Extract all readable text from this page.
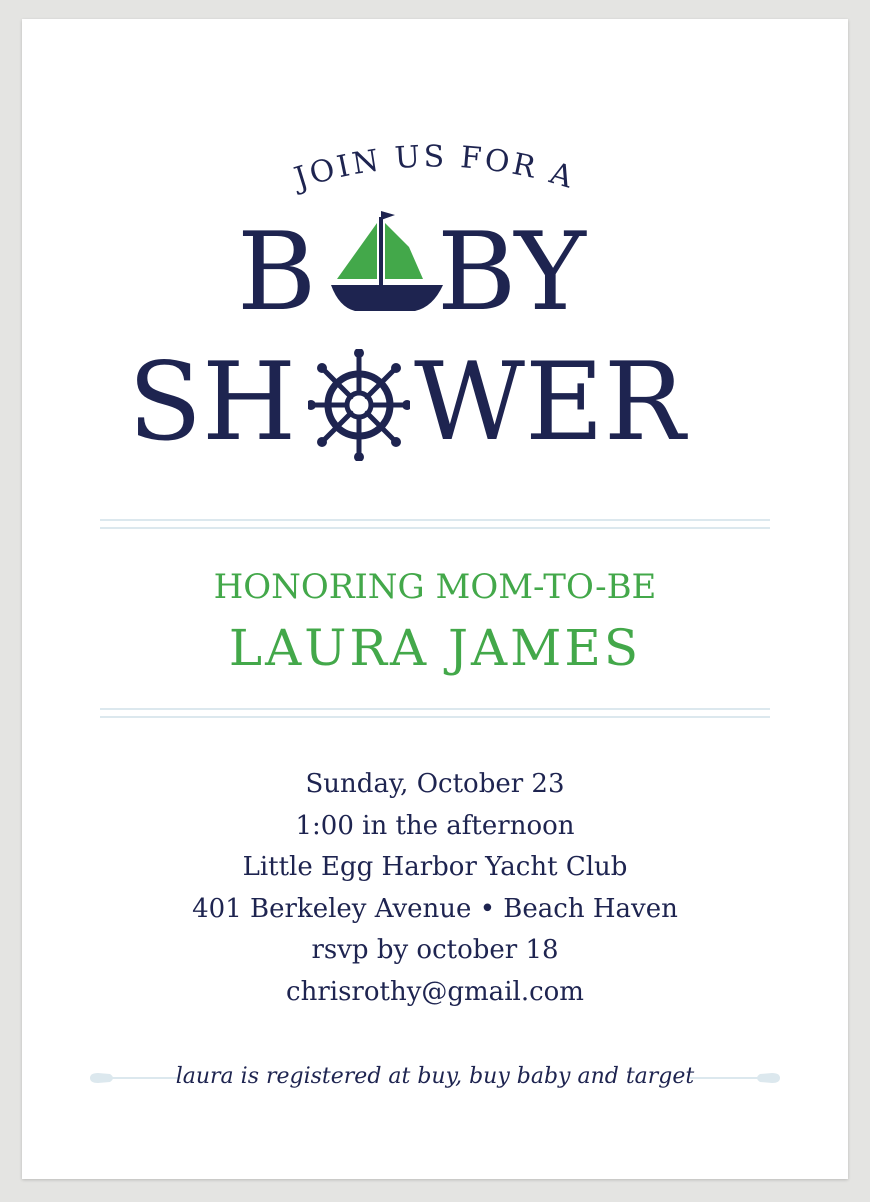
JOIN US FOR A
B BY
SH WER
HONORING MOM-TO-BE
LAURA JAMES
Sunday, October 23
1:00 in the afternoon
Little Egg Harbor Yacht Club
401 Berkeley Avenue • Beach Haven
rsvp by october 18
chrisrothy@gmail.com
laura is registered at buy, buy baby and target
